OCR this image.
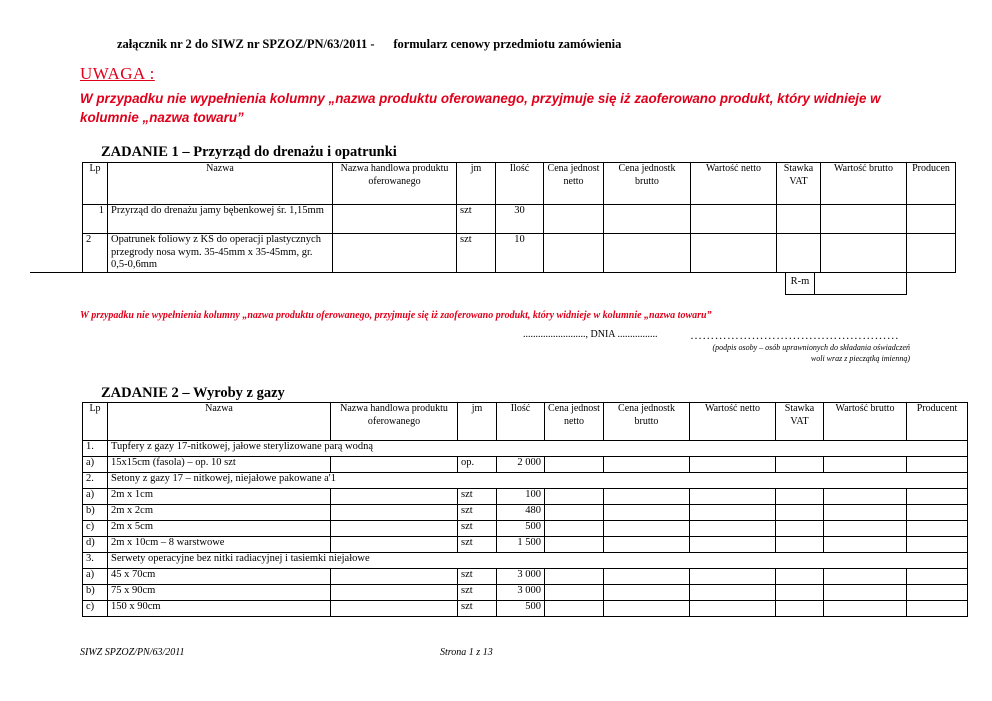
załącznik nr 2 do SIWZ nr SPZOZ/PN/63/2011 - formularz cenowy przedmiotu zamówienia
UWAGA :
W przypadku nie wypełnienia kolumny „nazwa produktu oferowanego, przyjmuje się iż zaoferowano produkt, który widnieje w kolumnie „nazwa towaru”
ZADANIE 1 – Przyrząd do drenażu i opatrunki
Lp	Nazwa	Nazwa handlowa produktu oferowanego	jm	Ilość	Cena jednost netto	Cena jednostk brutto	Wartość netto	Stawka VAT	Wartość brutto	Producen
1	Przyrząd do drenażu jamy bębenkowej śr. 1,15mm		szt	30						
2	Opatrunek foliowy z KS do operacji plastycznych przegrody nosa wym. 35-45mm x 35-45mm, gr. 0,5-0,6mm		szt	10						
R-m
W przypadku nie wypełnienia kolumny „nazwa produktu oferowanego, przyjmuje się iż zaoferowano produkt, który widnieje w kolumnie „nazwa towaru”
........................., DNIA ................	……………………………………………
(podpis osoby – osób uprawnionych do składania oświadczeń woli wraz z pieczątką imienną)
ZADANIE 2 – Wyroby z gazy
Lp	Nazwa	Nazwa handlowa produktu oferowanego	jm	Ilość	Cena jednost netto	Cena jednostk brutto	Wartość netto	Stawka VAT	Wartość brutto	Producent
1.	Tupfery z gazy 17-nitkowej, jałowe sterylizowane parą wodną									
a)	15x15cm (fasola) – op. 10 szt		op.	2 000						
2.	Setony z gazy 17 – nitkowej, niejałowe pakowane a'1									
a)	2m x 1cm		szt	100						
b)	2m x 2cm		szt	480						
c)	2m x 5cm		szt	500						
d)	2m x 10cm – 8 warstwowe		szt	1 500						
3.	Serwety operacyjne bez nitki radiacyjnej i tasiemki niejałowe									
a)	45 x 70cm		szt	3 000						
b)	75 x 90cm		szt	3 000						
c)	150 x 90cm		szt	500						
SIWZ SPZOZ/PN/63/2011	Strona 1 z 13
